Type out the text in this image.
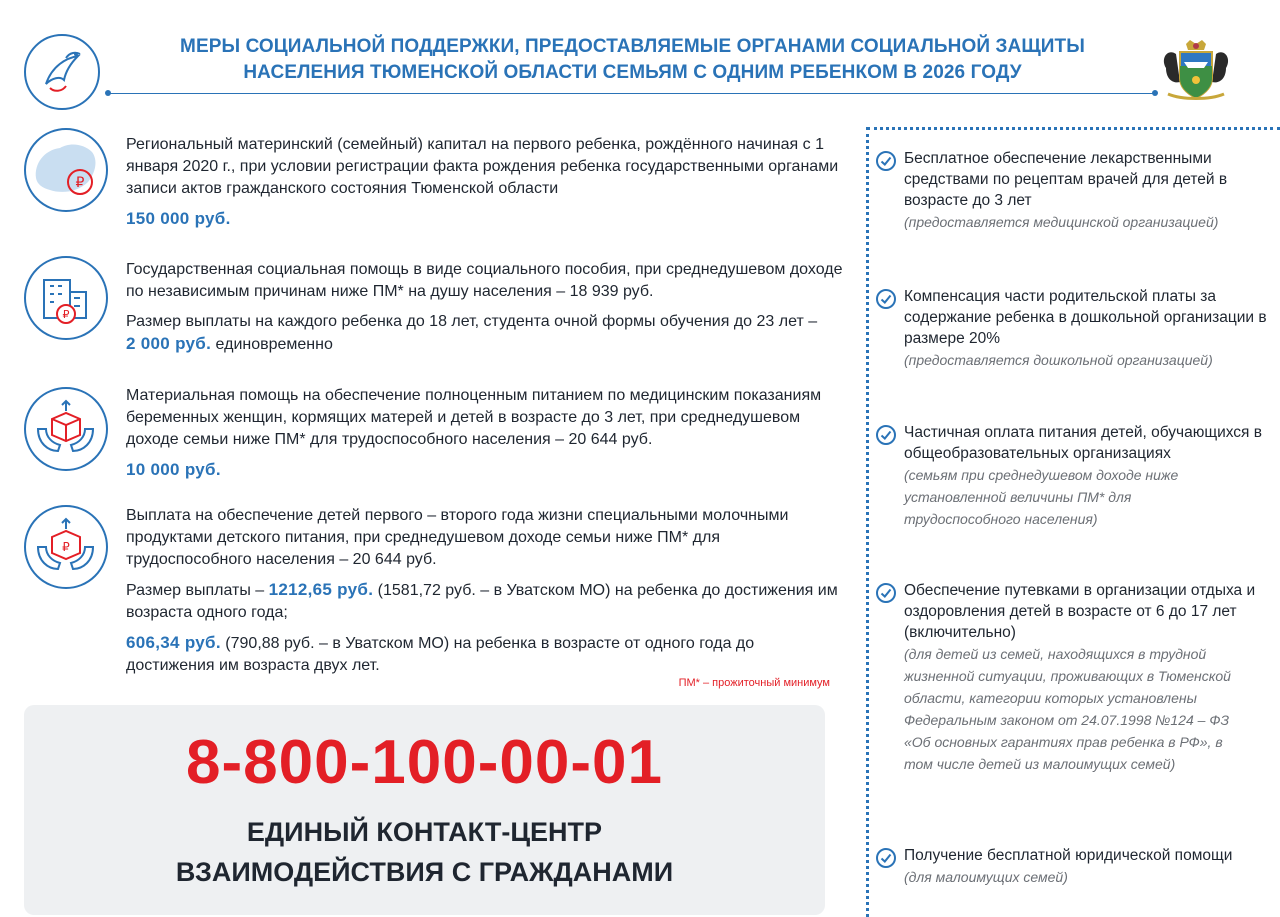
МЕРЫ СОЦИАЛЬНОЙ ПОДДЕРЖКИ, ПРЕДОСТАВЛЯЕМЫЕ ОРГАНАМИ СОЦИАЛЬНОЙ ЗАЩИТЫ
НАСЕЛЕНИЯ ТЮМЕНСКОЙ ОБЛАСТИ СЕМЬЯМ С ОДНИМ РЕБЕНКОМ В 2026 ГОДУ
₽

Региональный материнский (семейный) капитал на первого ребенка, рождённого начиная с 1 января 2020 г., при условии регистрации факта рождения ребенка государственными органами записи актов гражданского состояния Тюменской области

150 000 руб.

₽

Государственная социальная помощь в виде социального пособия, при среднедушевом доходе по независимым причинам ниже ПМ* на душу населения – 18 939 руб.

Размер выплаты на каждого ребенка до 18 лет, студента очной формы обучения до 23 лет –
2 000 руб. единовременно

Материальная помощь на обеспечение полноценным питанием по медицинским показаниям беременных женщин, кормящих матерей и детей в возрасте до 3 лет, при среднедушевом доходе семьи ниже ПМ* для трудоспособного населения – 20 644 руб.

10 000 руб.

₽

Выплата на обеспечение детей первого – второго года жизни специальными молочными продуктами детского питания, при среднедушевом доходе семьи ниже ПМ* для трудоспособного населения – 20 644 руб.

Размер выплаты – 1212,65 руб. (1581,72 руб. – в Уватском МО) на ребенка до достижения им возраста одного года;

606,34 руб. (790,88 руб. – в Уватском МО) на ребенка в возрасте от одного года до достижения им возраста двух лет.

ПМ* – прожиточный минимум
8-800-100-00-01
ЕДИНЫЙ КОНТАКТ-ЦЕНТР
ВЗАИМОДЕЙСТВИЯ С ГРАЖДАНАМИ
Бесплатное обеспечение лекарственными средствами по рецептам врачей для детей в возрасте до 3 лет
(предоставляется медицинской организацией)
Компенсация части родительской платы за содержание ребенка в дошкольной организации в размере 20%
(предоставляется дошкольной организацией)
Частичная оплата питания детей, обучающихся в общеобразовательных организациях
(семьям при среднедушевом доходе ниже установленной величины ПМ* для трудоспособного населения)
Обеспечение путевками в организации отдыха и оздоровления детей в возрасте от 6 до 17 лет (включительно)
(для детей из семей, находящихся в трудной жизненной ситуации, проживающих в Тюменской области, категории которых установлены Федеральным законом от 24.07.1998 №124 – ФЗ «Об основных гарантиях прав ребенка в РФ», в том числе детей из малоимущих семей)
Получение бесплатной юридической помощи
(для малоимущих семей)
